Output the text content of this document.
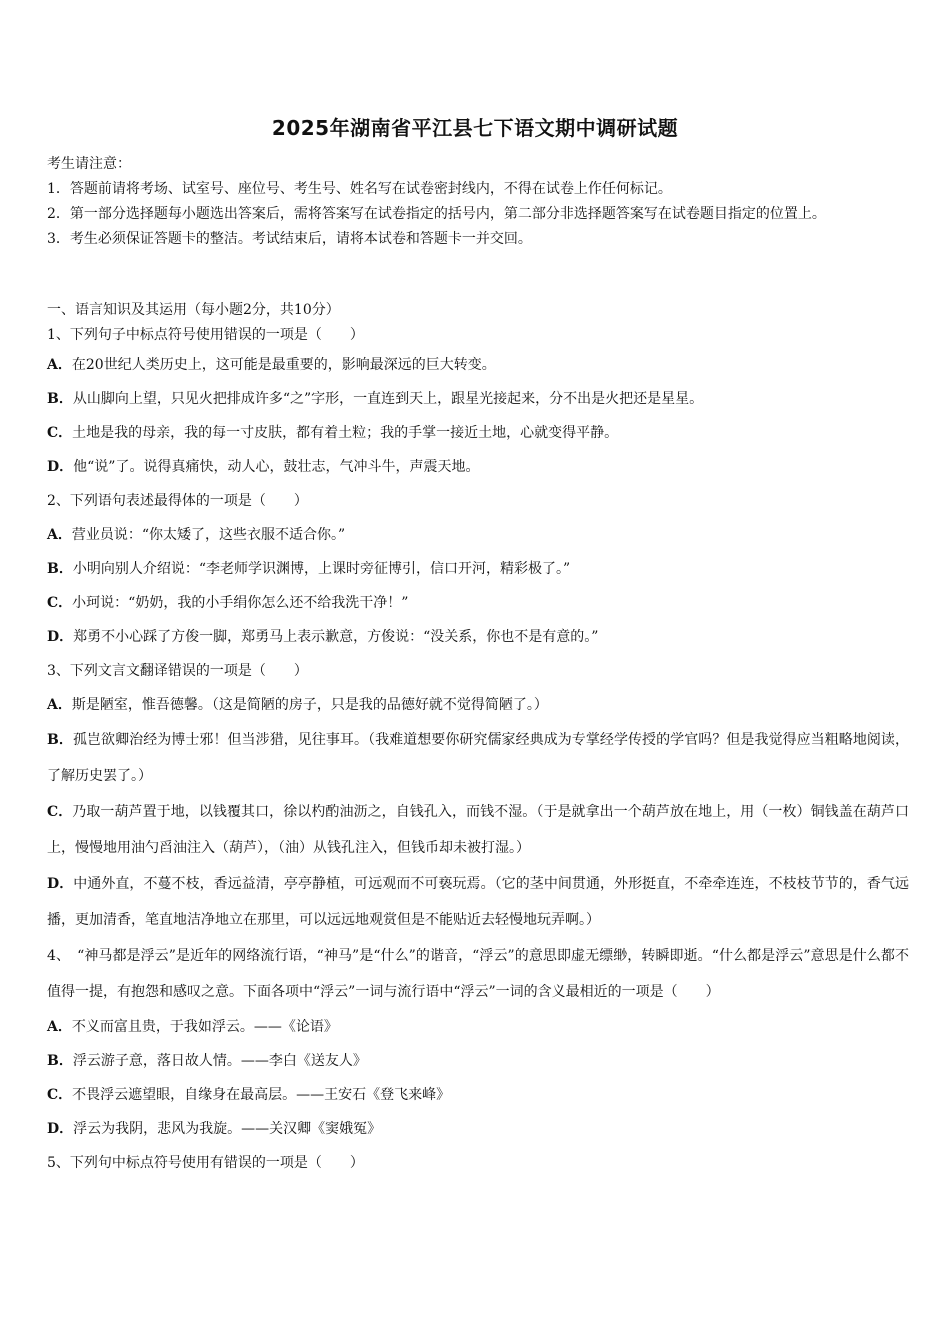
2025年湖南省平江县七下语文期中调研试题

考生请注意：

1．答题前请将考场、试室号、座位号、考生号、姓名写在试卷密封线内，不得在试卷上作任何标记。

2．第一部分选择题每小题选出答案后，需将答案写在试卷指定的括号内，第二部分非选择题答案写在试卷题目指定的位置上。

3．考生必须保证答题卡的整洁。考试结束后，请将本试卷和答题卡一并交回。

一、语言知识及其运用（每小题2分，共10分）

1、下列句子中标点符号使用错误的一项是（　　）

A．在20世纪人类历史上，这可能是最重要的，影响最深远的巨大转变。

B．从山脚向上望，只见火把排成许多“之”字形，一直连到天上，跟星光接起来，分不出是火把还是星星。

C．土地是我的母亲，我的每一寸皮肤，都有着土粒；我的手掌一接近土地，心就变得平静。

D．他“说”了。说得真痛快，动人心，鼓壮志，气冲斗牛，声震天地。

2、下列语句表述最得体的一项是（　　）

A．营业员说：“你太矮了，这些衣服不适合你。”

B．小明向别人介绍说：“李老师学识渊博，上课时旁征博引，信口开河，精彩极了。”

C．小珂说：“奶奶，我的小手绢你怎么还不给我洗干净！”

D．郑勇不小心踩了方俊一脚，郑勇马上表示歉意，方俊说：“没关系，你也不是有意的。”

3、下列文言文翻译错误的一项是（　　）

A．斯是陋室，惟吾德馨。（这是简陋的房子，只是我的品德好就不觉得简陋了。）

B．孤岂欲卿治经为博士邪！但当涉猎，见往事耳。（我难道想要你研究儒家经典成为专掌经学传授的学官吗？但是我觉得应当粗略地阅读，了解历史罢了。）

C．乃取一葫芦置于地，以钱覆其口，徐以杓酌油沥之，自钱孔入，而钱不湿。（于是就拿出一个葫芦放在地上，用（一枚）铜钱盖在葫芦口上，慢慢地用油勺舀油注入（葫芦），（油）从钱孔注入，但钱币却未被打湿。）

D．中通外直，不蔓不枝，香远益清，亭亭静植，可远观而不可亵玩焉。（它的茎中间贯通，外形挺直，不牵牵连连，不枝枝节节的，香气远播，更加清香，笔直地洁净地立在那里，可以远远地观赏但是不能贴近去轻慢地玩弄啊。）

4、　“神马都是浮云”是近年的网络流行语，“神马”是“什么”的谐音，“浮云”的意思即虚无缥缈，转瞬即逝。“什么都是浮云”意思是什么都不值得一提，有抱怨和感叹之意。下面各项中“浮云”一词与流行语中“浮云”一词的含义最相近的一项是（　　）

A．不义而富且贵，于我如浮云。——《论语》

B．浮云游子意，落日故人情。——李白《送友人》

C．不畏浮云遮望眼，自缘身在最高层。——王安石《登飞来峰》

D．浮云为我阴，悲风为我旋。——关汉卿《窦娥冤》

5、下列句中标点符号使用有错误的一项是（　　）
